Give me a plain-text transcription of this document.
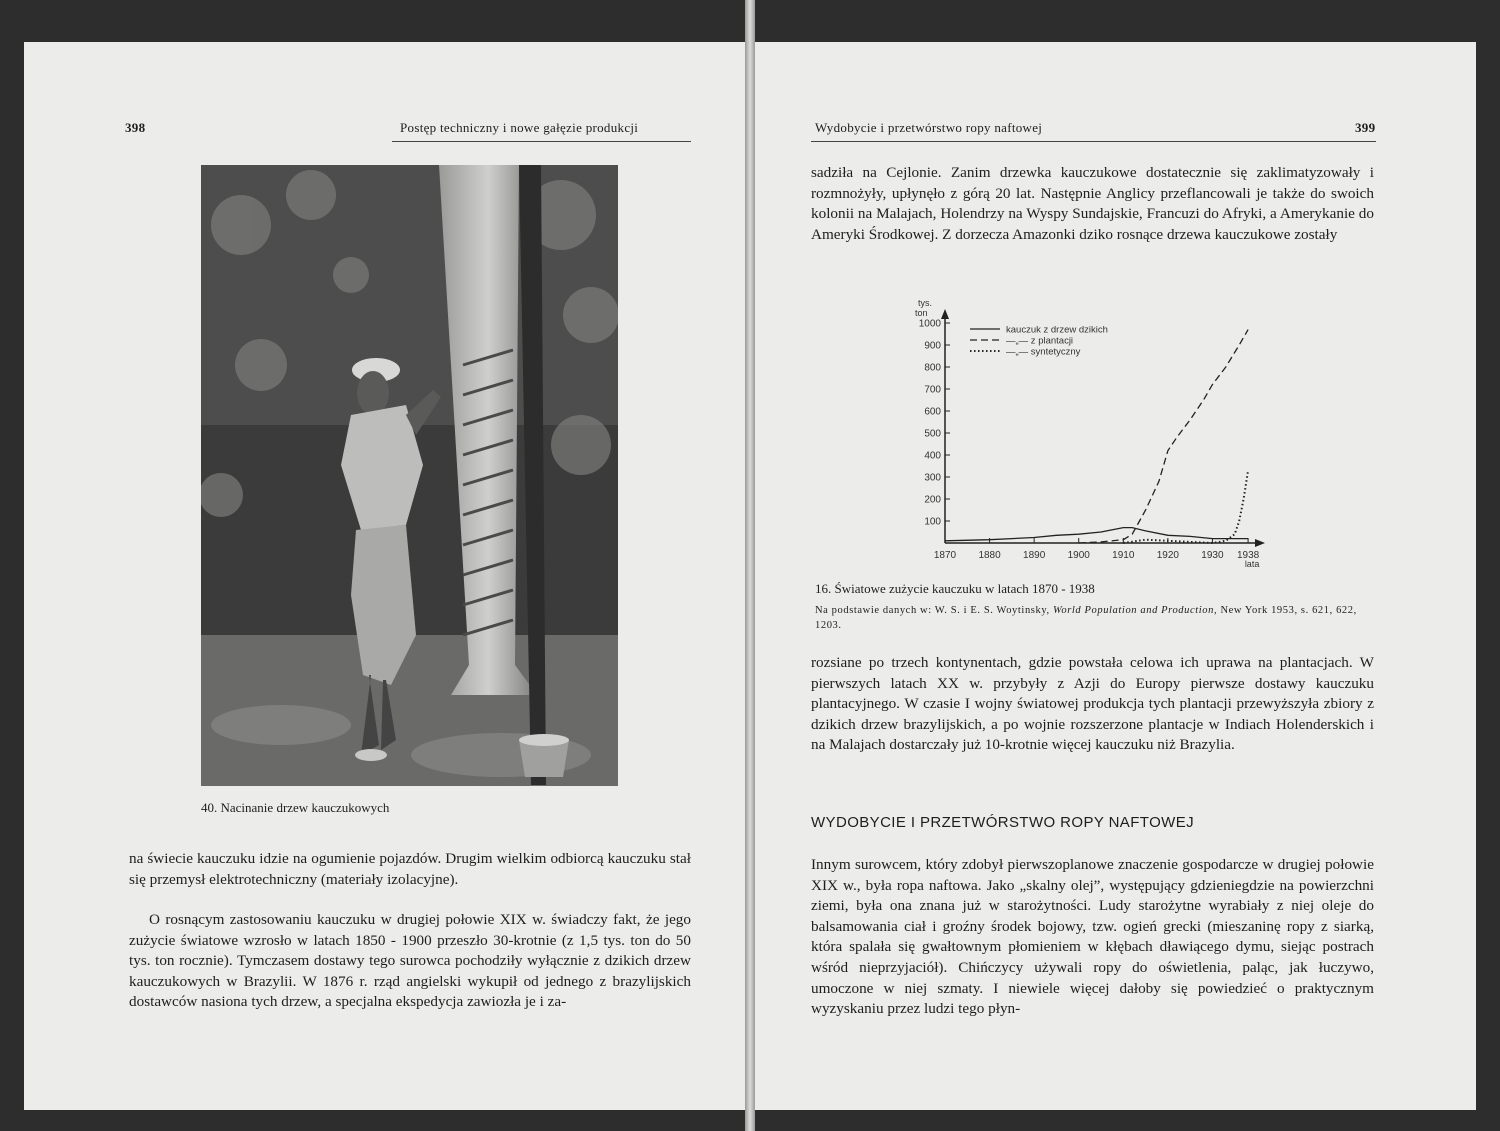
398	Postęp techniczny i nowe gałęzie produkcji
40. Nacinanie drzew kauczukowych

na świecie kauczuku idzie na ogumienie pojazdów. Drugim wielkim odbiorcą kauczuku stał się przemysł elektrotechniczny (materiały izolacyjne).

O rosnącym zastosowaniu kauczuku w drugiej połowie XIX w. świadczy fakt, że jego zużycie światowe wzrosło w latach 1850 - 1900 przeszło 30-krotnie (z 1,5 tys. ton do 50 tys. ton rocznie). Tymczasem dostawy tego surowca pochodziły wyłącznie z dzikich drzew kauczukowych w Brazylii. W 1876 r. rząd angielski wykupił od jednego z brazylijskich dostawców nasiona tych drzew, a specjalna ekspedycja zawiozła je i za-

Wydobycie i przetwórstwo ropy naftowej	399

sadziła na Cejlonie. Zanim drzewka kauczukowe dostatecznie się zaklimatyzowały i rozmnożyły, upłynęło z górą 20 lat. Następnie Anglicy przeflancowali je także do swoich kolonii na Malajach, Holendrzy na Wyspy Sundajskie, Francuzi do Afryki, a Amerykanie do Ameryki Środkowej. Z dorzecza Amazonki dziko rosnące drzewa kauczukowe zostały

tys.
ton
100
200
300
400
500
600
700
800
900
1000
1870 1880 1890 1900 1910 1920 1930 1938
lata
kauczuk z drzew dzikich
—„— z plantacji
—„— syntetyczny
16. Światowe zużycie kauczuku w latach 1870 - 1938
Na podstawie danych w: W. S. i E. S. Woytinsky, World Population and Production, New York 1953, s. 621, 622, 1203.

rozsiane po trzech kontynentach, gdzie powstała celowa ich uprawa na plantacjach. W pierwszych latach XX w. przybyły z Azji do Europy pierwsze dostawy kauczuku plantacyjnego. W czasie I wojny światowej produkcja tych plantacji przewyższyła zbiory z dzikich drzew brazylijskich, a po wojnie rozszerzone plantacje w Indiach Holenderskich i na Malajach dostarczały już 10-krotnie więcej kauczuku niż Brazylia.

WYDOBYCIE I PRZETWÓRSTWO ROPY NAFTOWEJ

Innym surowcem, który zdobył pierwszoplanowe znaczenie gospodarcze w drugiej połowie XIX w., była ropa naftowa. Jako „skalny olej”, występujący gdzieniegdzie na powierzchni ziemi, była ona znana już w starożytności. Ludy starożytne wyrabiały z niej oleje do balsamowania ciał i groźny środek bojowy, tzw. ogień grecki (mieszaninę ropy z siarką, która spalała się gwałtownym płomieniem w kłębach dławiącego dymu, siejąc postrach wśród nieprzyjaciół). Chińczycy używali ropy do oświetlenia, paląc, jak łuczywo, umoczone w niej szmaty. I niewiele więcej dałoby się powiedzieć o praktycznym wyzyskaniu przez ludzi tego płyn-
